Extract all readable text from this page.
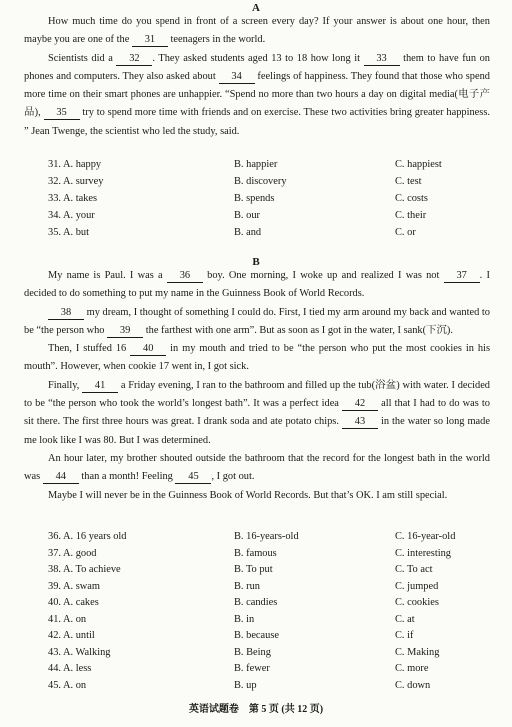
A

How much time do you spend in front of a screen every day? If your answer is about one hour, then maybe you are one of the 31 teenagers in the world.

Scientists did a 32 . They asked students aged 13 to 18 how long it 33 them to have fun on phones and computers. They also asked about 34 feelings of happiness. They found that those who spend more time on their smart phones are unhappier. “Spend no more than two hours a day on digital media(电子产品), 35 try to spend more time with friends and on exercise. These two activities bring greater happiness. ” Jean Twenge, the scientist who led the study, said.

31. A. happy	B. happier	C. happiest
32. A. survey	B. discovery	C. test
33. A. takes	B. spends	C. costs
34. A. your	B. our	C. their
35. A. but	B. and	C. or
B

My name is Paul. I was a 36 boy. One morning, I woke up and realized I was not 37 . I decided to do something to put my name in the Guinness Book of World Records.

38 my dream, I thought of something I could do. First, I tied my arm around my back and wanted to be “the person who 39 the farthest with one arm”. But as soon as I got in the water, I sank(下沉).

Then, I stuffed 16 40 in my mouth and tried to be “the person who put the most cookies in his mouth”. However, when cookie 17 went in, I got sick.

Finally, 41 a Friday evening, I ran to the bathroom and filled up the tub(浴盆) with water. I decided to be “the person who took the world’s longest bath”. It was a perfect idea 42 all that I had to do was to sit there. The first three hours was great. I drank soda and ate potato chips. 43 in the water so long made me look like I was 80. But I was determined.

An hour later, my brother shouted outside the bathroom that the record for the longest bath in the world was 44 than a month! Feeling 45 , I got out.

Maybe I will never be in the Guinness Book of World Records. But that’s OK. I am still special.

36. A. 16 years old	B. 16-years-old	C. 16-year-old
37. A. good	B. famous	C. interesting
38. A. To achieve	B. To put	C. To act
39. A. swam	B. run	C. jumped
40. A. cakes	B. candies	C. cookies
41. A. on	B. in	C. at
42. A. until	B. because	C. if
43. A. Walking	B. Being	C. Making
44. A. less	B. fewer	C. more
45. A. on	B. up	C. down
英语试题卷　第 5 页 (共 12 页)
